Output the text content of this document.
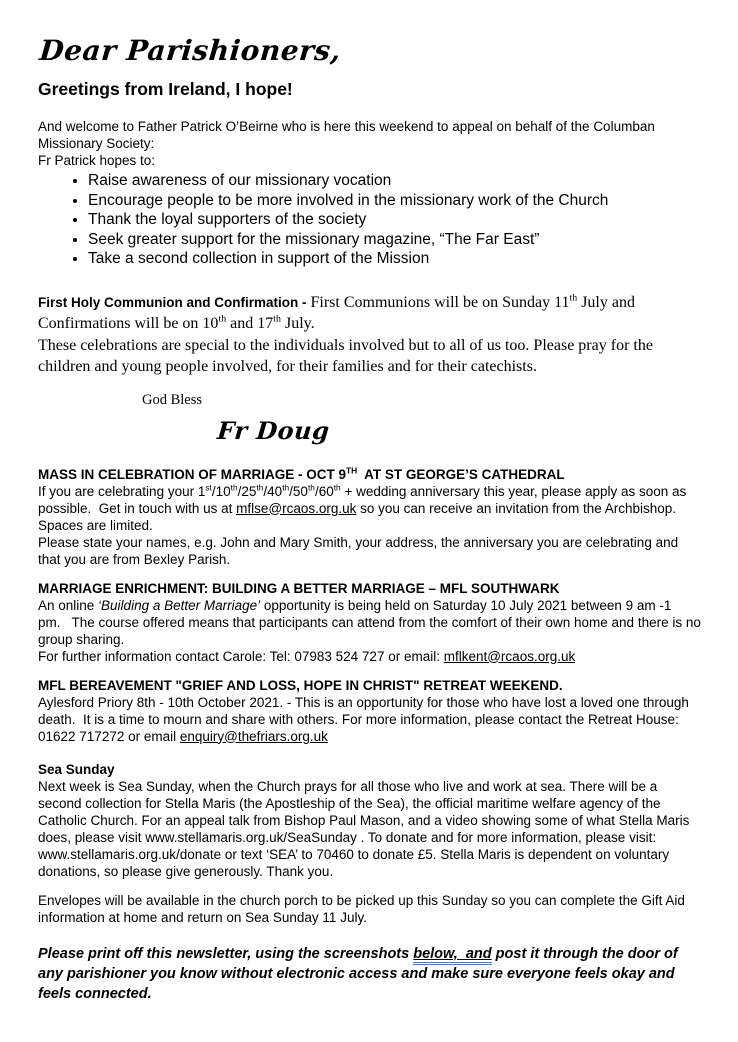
Dear Parishioners,
Greetings from Ireland, I hope!
And welcome to Father Patrick O’Beirne who is here this weekend to appeal on behalf of the Columban Missionary Society:
Fr Patrick hopes to:
• Raise awareness of our missionary vocation
• Encourage people to be more involved in the missionary work of the Church
• Thank the loyal supporters of the society
• Seek greater support for the missionary magazine, “The Far East”
• Take a second collection in support of the Mission
First Holy Communion and Confirmation - First Communions will be on Sunday 11th July and Confirmations will be on 10th and 17th July.
These celebrations are special to the individuals involved but to all of us too. Please pray for the children and young people involved, for their families and for their catechists.
God Bless
Fr Doug
MASS IN CELEBRATION OF MARRIAGE - OCT 9TH  AT ST GEORGE’S CATHEDRAL
If you are celebrating your 1st/10th/25th/40th/50th/60th + wedding anniversary this year, please apply as soon as possible.  Get in touch with us at mflse@rcaos.org.uk so you can receive an invitation from the Archbishop. Spaces are limited.
Please state your names, e.g. John and Mary Smith, your address, the anniversary you are celebrating and that you are from Bexley Parish.
MARRIAGE ENRICHMENT: BUILDING A BETTER MARRIAGE – MFL SOUTHWARK
An online ‘Building a Better Marriage’ opportunity is being held on Saturday 10 July 2021 between 9 am -1 pm.   The course offered means that participants can attend from the comfort of their own home and there is no group sharing.
For further information contact Carole: Tel: 07983 524 727 or email: mflkent@rcaos.org.uk
MFL BEREAVEMENT "GRIEF AND LOSS, HOPE IN CHRIST" RETREAT WEEKEND.
Aylesford Priory 8th - 10th October 2021. - This is an opportunity for those who have lost a loved one through death.  It is a time to mourn and share with others. For more information, please contact the Retreat House: 01622 717272 or email enquiry@thefriars.org.uk
Sea Sunday
Next week is Sea Sunday, when the Church prays for all those who live and work at sea. There will be a second collection for Stella Maris (the Apostleship of the Sea), the official maritime welfare agency of the Catholic Church. For an appeal talk from Bishop Paul Mason, and a video showing some of what Stella Maris does, please visit www.stellamaris.org.uk/SeaSunday . To donate and for more information, please visit: www.stellamaris.org.uk/donate or text ‘SEA’ to 70460 to donate £5. Stella Maris is dependent on voluntary donations, so please give generously. Thank you.
Envelopes will be available in the church porch to be picked up this Sunday so you can complete the Gift Aid information at home and return on Sea Sunday 11 July.
Please print off this newsletter, using the screenshots below,  and post it through the door of any parishioner you know without electronic access and make sure everyone feels okay and feels connected.
